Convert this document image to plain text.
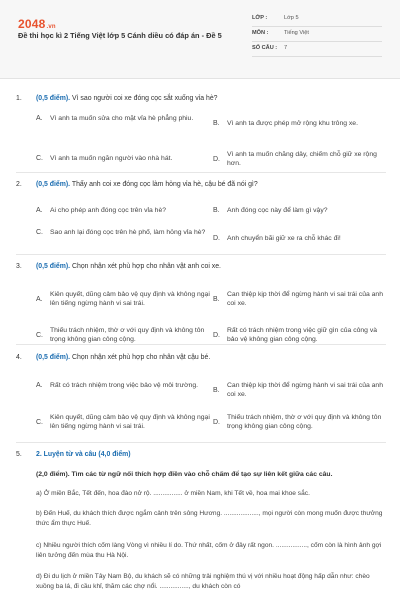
2048.vn
Đề thi học kì 2 Tiếng Việt lớp 5 Cánh diều có đáp án - Đề 5
LỚP :	Lớp 5
MÔN :	Tiếng Việt
SỐ CÂU :	7
1.	(0,5 điểm). Vì sao người coi xe đóng cọc sắt xuống vỉa hè?
A.	Vì anh ta muốn sửa cho mặt vỉa hè phẳng phiu.
B.	Vì anh ta được phép mở rộng khu trông xe.
C.	Vì anh ta muốn ngăn người vào nhà hát.	D.
Vì anh ta muốn chăng dây, chiếm chỗ giữ xe rộng hơn.
2.	(0,5 điểm). Thấy anh coi xe đóng cọc làm hỏng vỉa hè, cậu bé đã nói gì?
A.	Ai cho phép anh đóng cọc trên vỉa hè?	B.	Anh đóng cọc này để làm gì vậy?
C.	Sao anh lại đóng cọc trên hè phố, làm hỏng vỉa hè?
D.	Anh chuyển bãi giữ xe ra chỗ khác đi!
3.	(0,5 điểm). Chọn nhận xét phù hợp cho nhân vật anh coi xe.
A.
Kiên quyết, dũng cảm bảo vệ quy định và không ngại lên tiếng ngừng hành vi sai trái.
B.
Can thiệp kịp thời để ngừng hành vi sai trái của anh coi xe.
C.
Thiếu trách nhiệm, thờ ơ với quy định và không tôn trọng không gian công cộng.
D.
Rất có trách nhiệm trong việc giữ gìn của công và bảo vệ không gian công cộng.
4.	(0,5 điểm). Chọn nhận xét phù hợp cho nhân vật cậu bé.
A.	Rất có trách nhiệm trong việc bảo vệ môi trường.
B.
Can thiệp kịp thời để ngừng hành vi sai trái của anh coi xe.
C.
Kiên quyết, dũng cảm bảo vệ quy định và không ngại lên tiếng ngừng hành vi sai trái.
D.
Thiếu trách nhiệm, thờ ơ với quy định và không tôn trọng không gian công cộng.
5.	2. Luyện từ và câu (4,0 điểm)
(2,0 điểm). Tìm các từ ngữ nối thích hợp điền vào chỗ chấm để tạo sự liên kết giữa các câu.
a) Ở miền Bắc, Tết đến, hoa đào nở rộ. ................ ở miền Nam, khi Tết về, hoa mai khoe sắc.
b) Đến Huế, du khách thích được ngắm cảnh trên sông Hương. ..................., mọi người còn mong muốn được thưởng thức ẩm thực Huế.
c) Nhiều người thích cốm làng Vòng vì nhiều lí do. Thứ nhất, cốm ở đây rất ngon. ................., cốm còn là hình ảnh gợi liên tưởng đến mùa thu Hà Nội.
d) Đi du lịch ở miền Tây Nam Bộ, du khách sẽ có những trải nghiệm thú vị với nhiều hoạt động hấp dẫn như: chèo xuồng ba lá, đi cầu khỉ, thăm các chợ nổi. ................, du khách còn có
